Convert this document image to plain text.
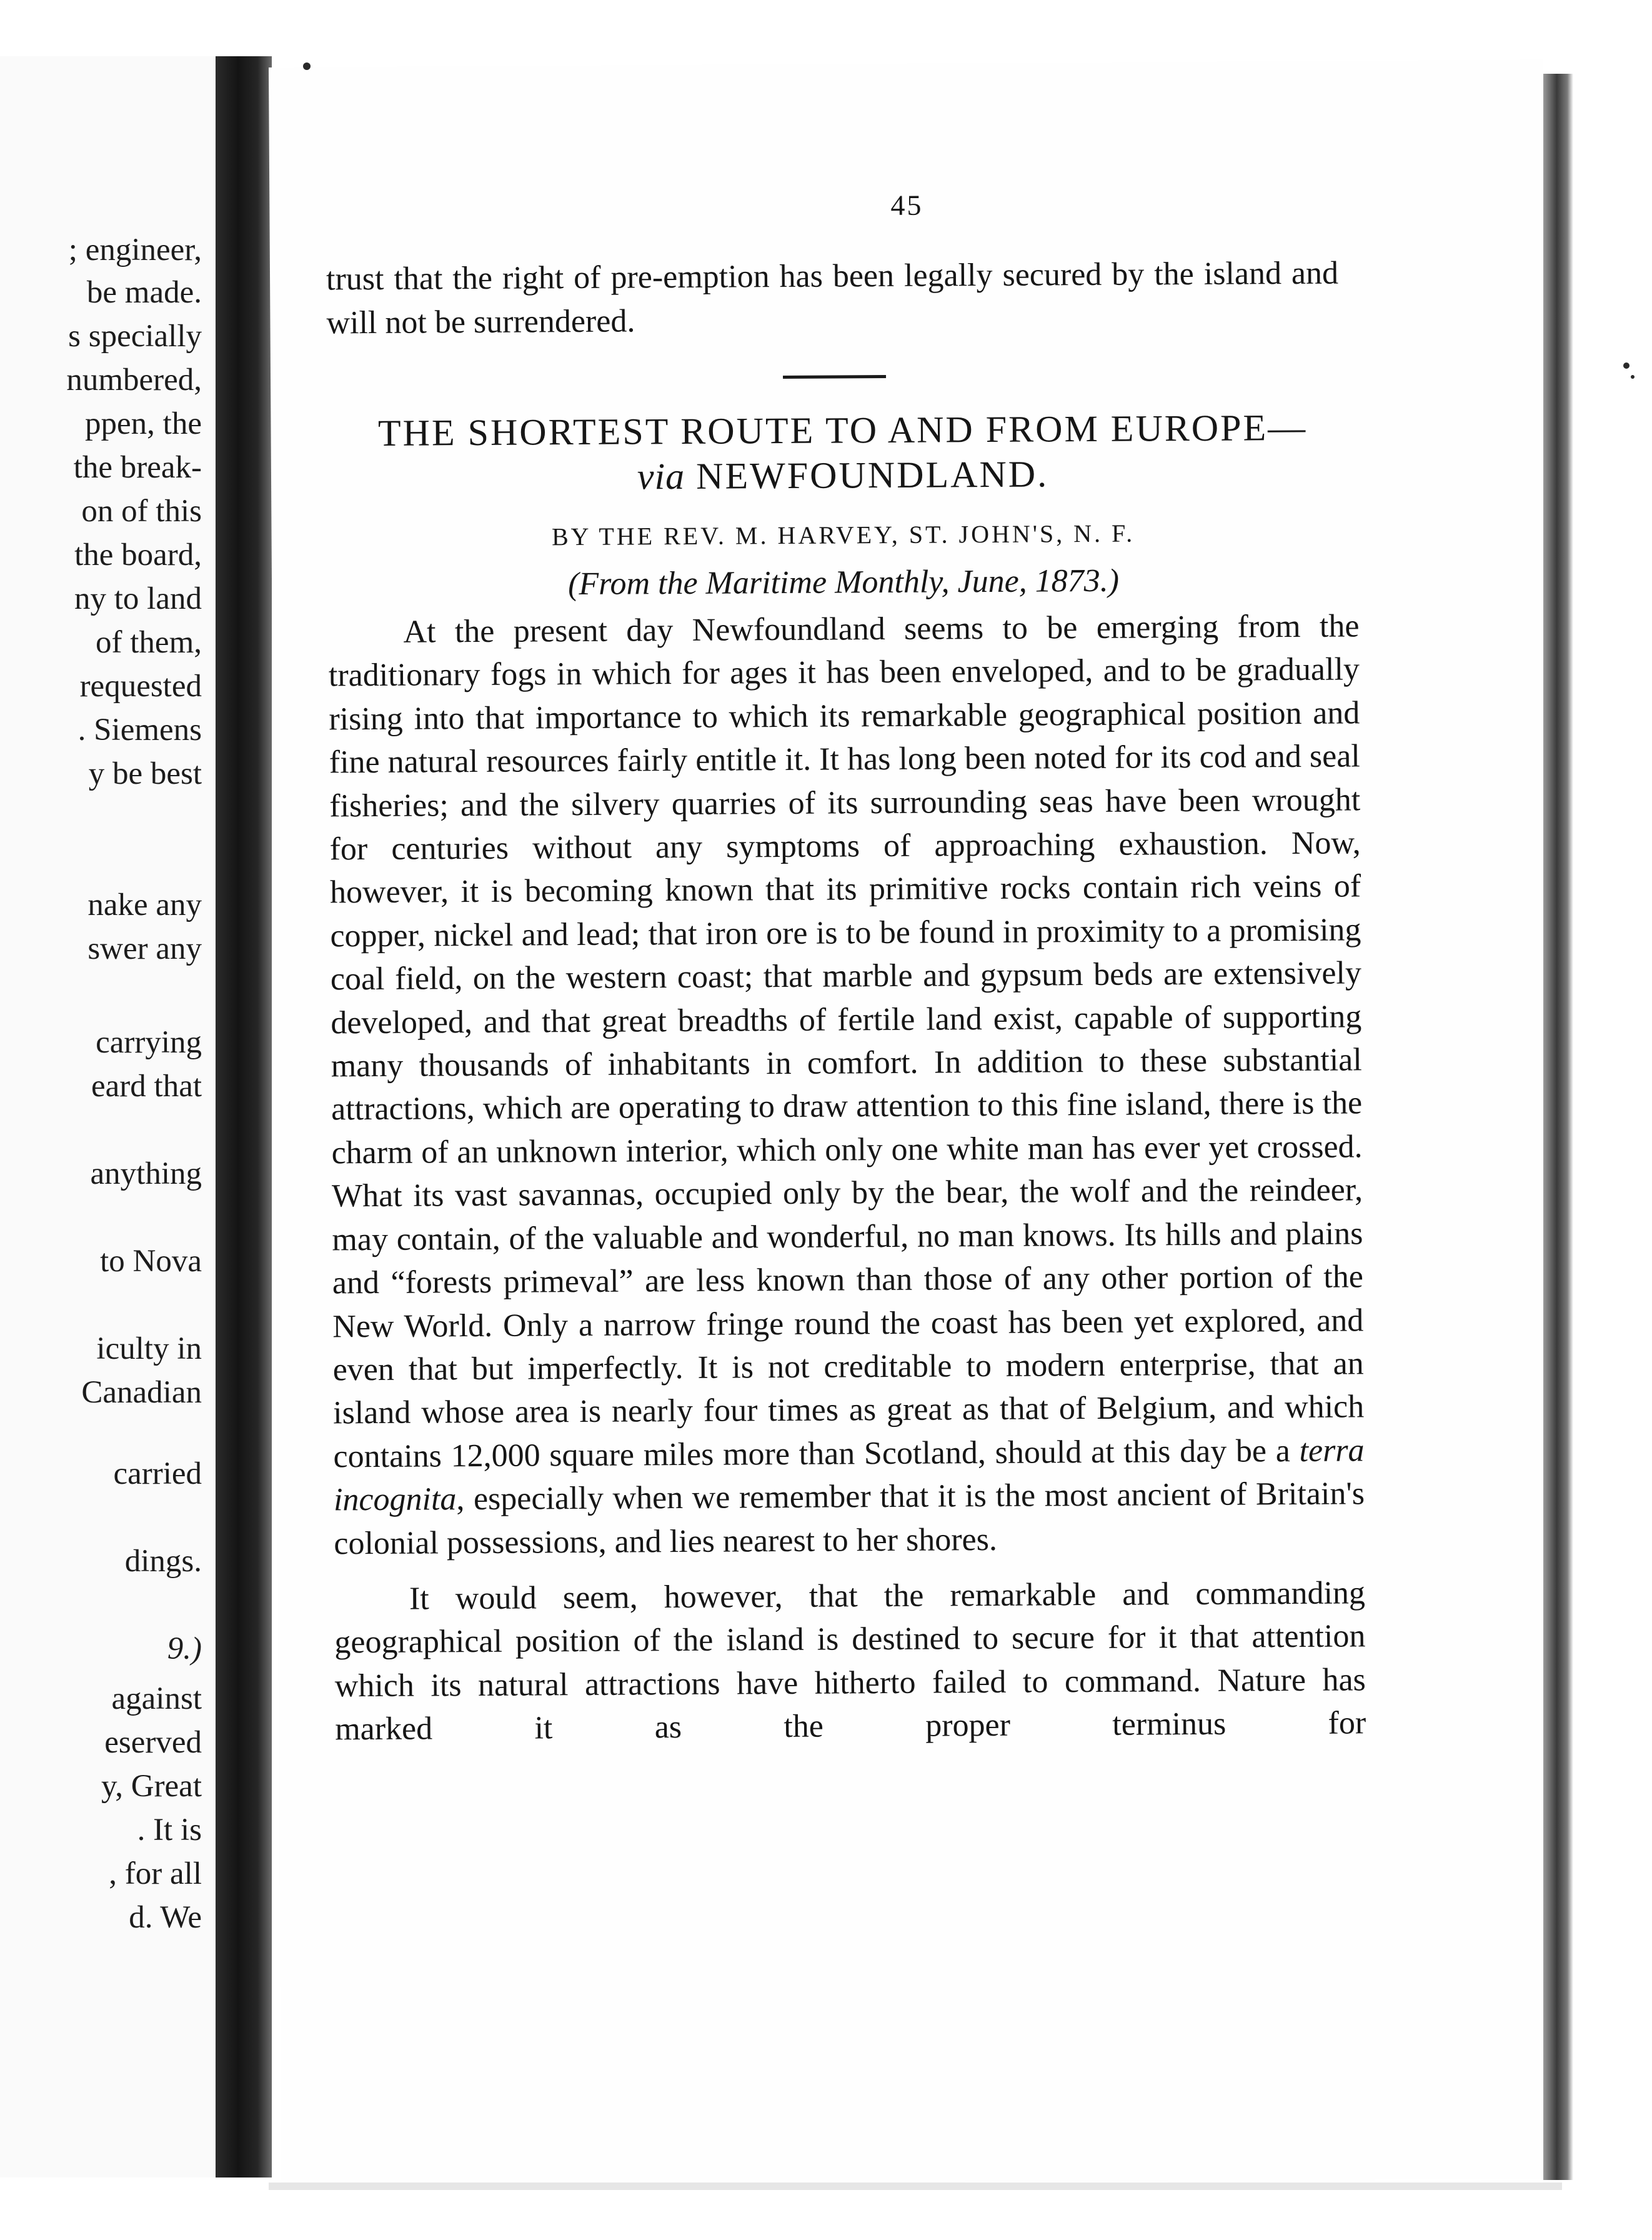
; engineer,
be made.
s specially
numbered,
ppen, the
the break-
on of this
the board,
ny to land
of them,
requested
. Siemens
y be best
nake any
swer any
carrying
eard that
anything
to Nova
iculty in
Canadian
carried
dings.
9.)
against
eserved
y, Great
. It is
, for all
d. We
45

trust that the right of pre-emption has been legally secured by the island and will not be surrendered.

THE SHORTEST ROUTE TO AND FROM EUROPE—
via NEWFOUNDLAND.
BY THE REV. M. HARVEY, ST. JOHN'S, N. F.
(From the Maritime Monthly, June, 1873.)

At the present day Newfoundland seems to be emerging from the traditionary fogs in which for ages it has been enveloped, and to be gradually rising into that importance to which its remarkable geographical position and fine natural resources fairly entitle it. It has long been noted for its cod and seal fisheries; and the silvery quarries of its surrounding seas have been wrought for centuries without any symptoms of approaching exhaustion. Now, however, it is becoming known that its primitive rocks contain rich veins of copper, nickel and lead; that iron ore is to be found in proximity to a promising coal field, on the western coast; that marble and gypsum beds are extensively developed, and that great breadths of fertile land exist, capable of supporting many thousands of inhabitants in comfort. In addition to these substantial attractions, which are operating to draw attention to this fine island, there is the charm of an unknown interior, which only one white man has ever yet crossed. What its vast savannas, occupied only by the bear, the wolf and the reindeer, may contain, of the valuable and wonderful, no man knows. Its hills and plains and “forests primeval” are less known than those of any other portion of the New World. Only a narrow fringe round the coast has been yet explored, and even that but imperfectly. It is not creditable to modern enterprise, that an island whose area is nearly four times as great as that of Belgium, and which contains 12,000 square miles more than Scotland, should at this day be a terra incognita, especially when we remember that it is the most ancient of Britain's colonial possessions, and lies nearest to her shores.

It would seem, however, that the remarkable and commanding geographical position of the island is destined to secure for it that attention which its natural attractions have hitherto failed to command. Nature has marked it as the proper terminus for
